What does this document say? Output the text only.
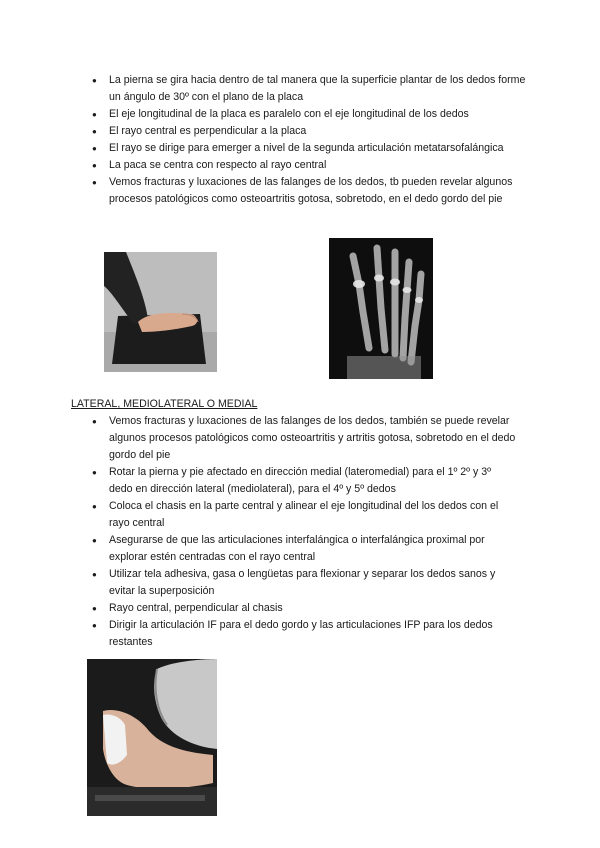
● La pierna se gira hacia dentro de tal manera que la superficie plantar de los dedos forme un ángulo de 30º con el plano de la placa
● El eje longitudinal de la placa es paralelo con el eje longitudinal de los dedos
● El rayo central es perpendicular a la placa
● El rayo se dirige para emerger a nivel de la segunda articulación metatarsofalángica
● La paca se centra con respecto al rayo central
● Vemos fracturas y luxaciones de las falanges de los dedos, tb pueden revelar algunos procesos patológicos como osteoartritis gotosa, sobretodo, en el dedo gordo del pie
LATERAL, MEDIOLATERAL O MEDIAL
● Vemos fracturas y luxaciones de las falanges de los dedos, también se puede revelar algunos procesos patológicos como osteoartritis y artritis gotosa, sobretodo en el dedo gordo del pie
● Rotar la pierna y pie afectado en dirección medial (lateromedial) para el 1º 2º y 3º dedo en dirección lateral (mediolateral), para el 4º y 5º dedos
● Coloca el chasis en la parte central y alinear el eje longitudinal del los dedos con el rayo central
● Asegurarse de que las articulaciones interfalángica o interfalángica proximal por explorar estén centradas con el rayo central
● Utilizar tela adhesiva, gasa o lengüetas para flexionar y separar los dedos sanos y evitar la superposición
● Rayo central, perpendicular al chasis
● Dirigir la articulación IF para el dedo gordo y las articulaciones IFP para los dedos restantes
